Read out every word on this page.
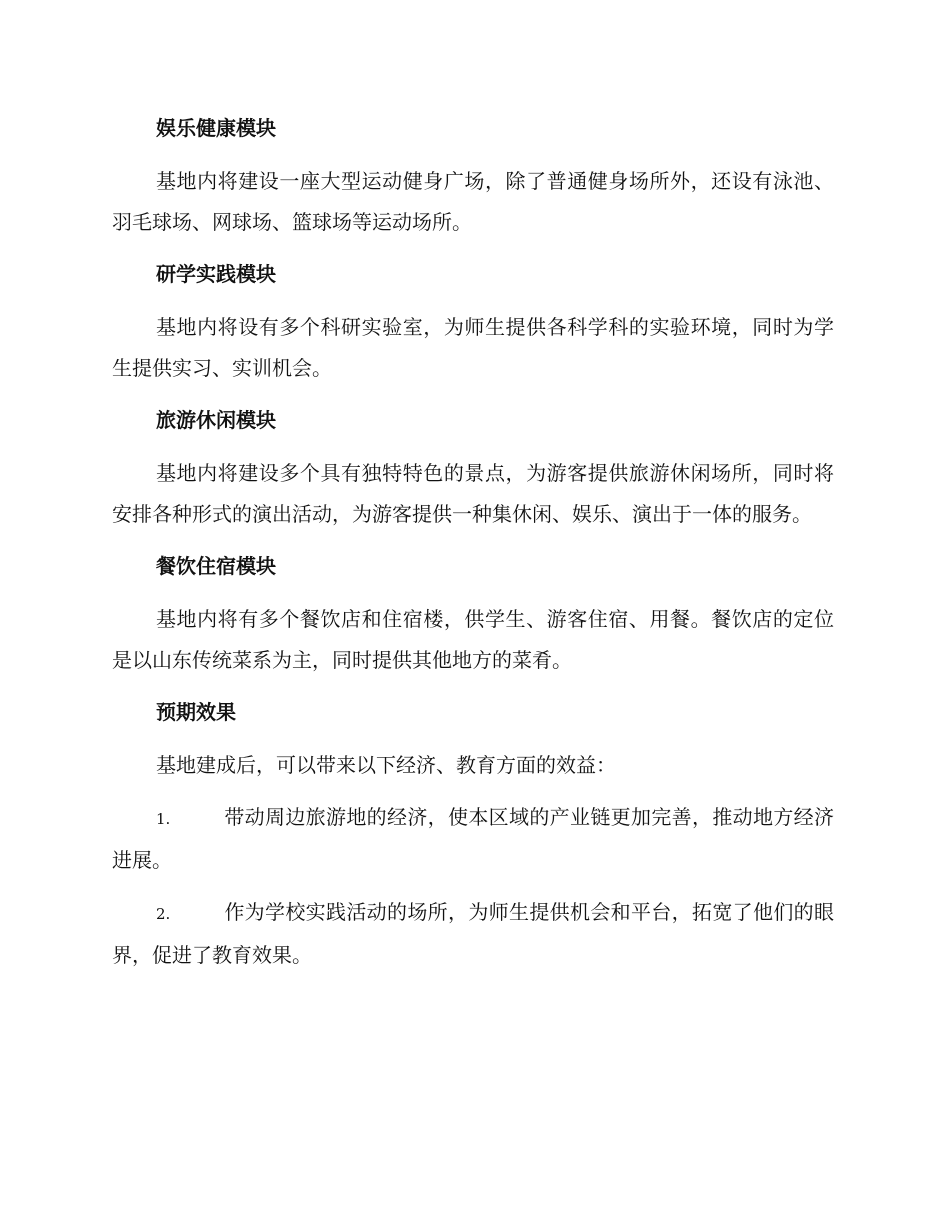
娱乐健康模块

基地内将建设一座大型运动健身广场，除了普通健身场所外，还设有泳池、羽毛球场、网球场、篮球场等运动场所。

研学实践模块

基地内将设有多个科研实验室，为师生提供各科学科的实验环境，同时为学生提供实习、实训机会。

旅游休闲模块

基地内将建设多个具有独特特色的景点，为游客提供旅游休闲场所，同时将安排各种形式的演出活动，为游客提供一种集休闲、娱乐、演出于一体的服务。

餐饮住宿模块

基地内将有多个餐饮店和住宿楼，供学生、游客住宿、用餐。餐饮店的定位是以山东传统菜系为主，同时提供其他地方的菜肴。

预期效果

基地建成后，可以带来以下经济、教育方面的效益：

1.	带动周边旅游地的经济，使本区域的产业链更加完善，推动地方经济进展。

2.	作为学校实践活动的场所，为师生提供机会和平台，拓宽了他们的眼界，促进了教育效果。
